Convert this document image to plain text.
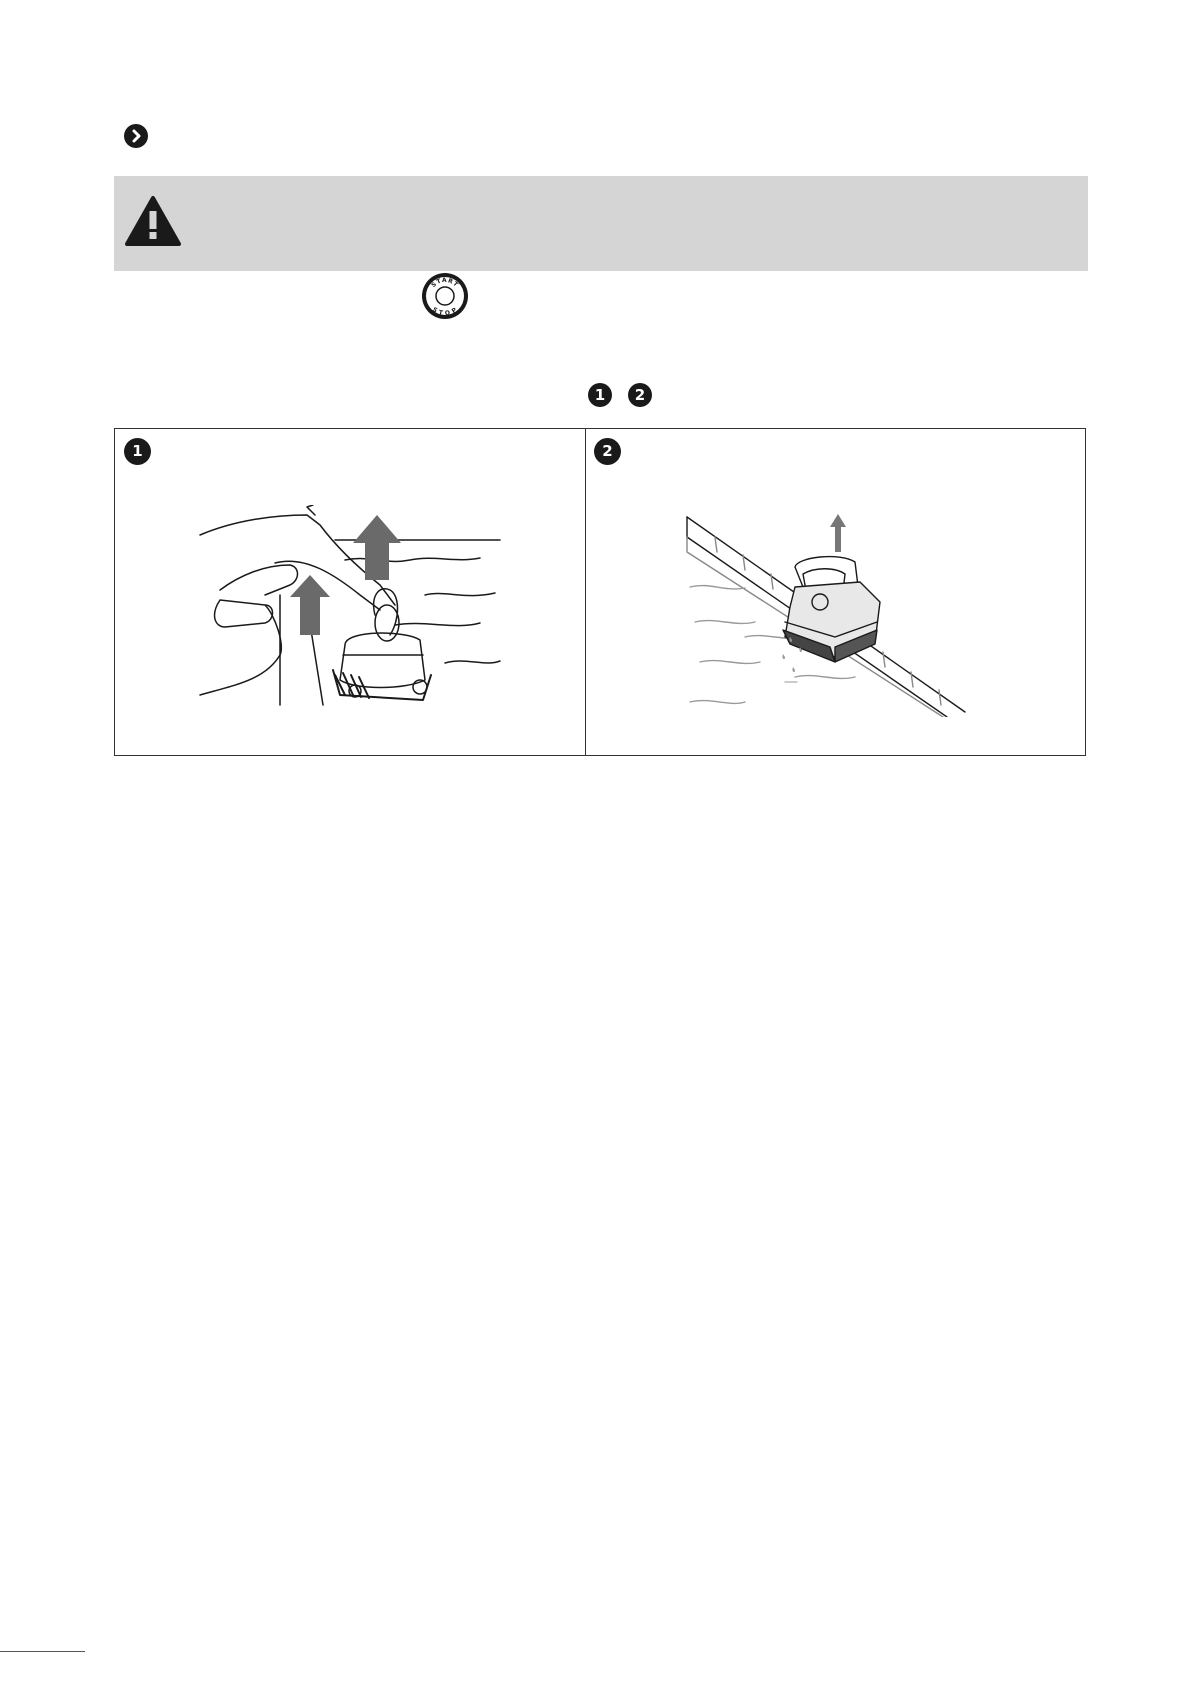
START
STOP
1	2
1	2
